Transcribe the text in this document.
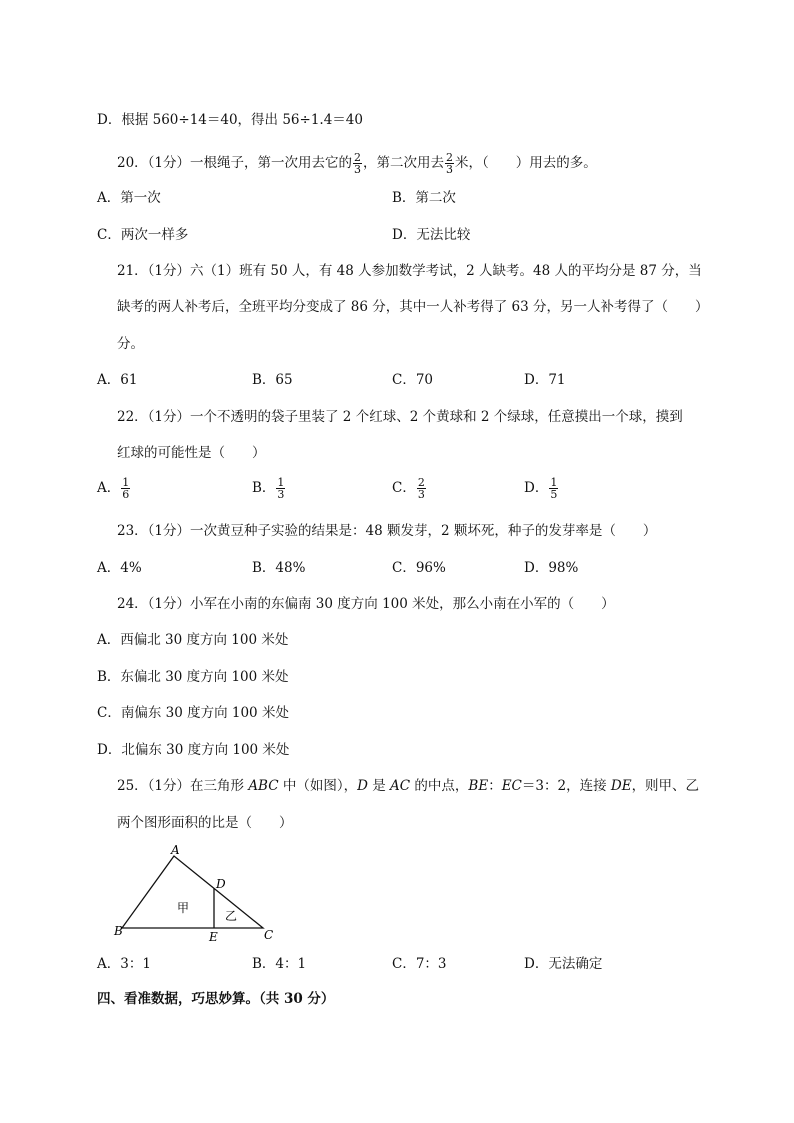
D．根据 560÷14＝40，得出 56÷1.4＝40
20．（1分）一根绳子，第一次用去它的 $\frac{2}{3}$ ，第二次用去 $\frac{2}{3}$ 米，（　　）用去的多。
A．第一次	B．第二次
C．两次一样多	D．无法比较
21．（1分）六（1）班有 50 人，有 48 人参加数学考试，2 人缺考。48 人的平均分是 87 分，当
缺考的两人补考后，全班平均分变成了 86 分，其中一人补考得了 63 分，另一人补考得了（　　）
分。
A．61	B．65	C．70	D．71
22．（1分）一个不透明的袋子里装了 2 个红球、2 个黄球和 2 个绿球，任意摸出一个球，摸到
红球的可能性是（　　）
A． $\frac{1}{6}$	B． $\frac{1}{3}$	C． $\frac{2}{3}$	D． $\frac{1}{5}$
23．（1分）一次黄豆种子实验的结果是：48 颗发芽，2 颗坏死，种子的发芽率是（　　）
A．4%	B．48%	C．96%	D．98%
24．（1分）小军在小南的东偏南 30 度方向 100 米处，那么小南在小军的（　　）
A．西偏北 30 度方向 100 米处
B．东偏北 30 度方向 100 米处
C．南偏东 30 度方向 100 米处
D．北偏东 30 度方向 100 米处
25．（1分）在三角形 ABC 中（如图），D 是 AC 的中点，BE：EC＝3：2，连接 DE，则甲、乙
两个图形面积的比是（　　）
A
B	C
D
E
甲
乙
A．3：1	B．4：1	C．7：3	D．无法确定
四、看准数据，巧思妙算。（共 30 分）
